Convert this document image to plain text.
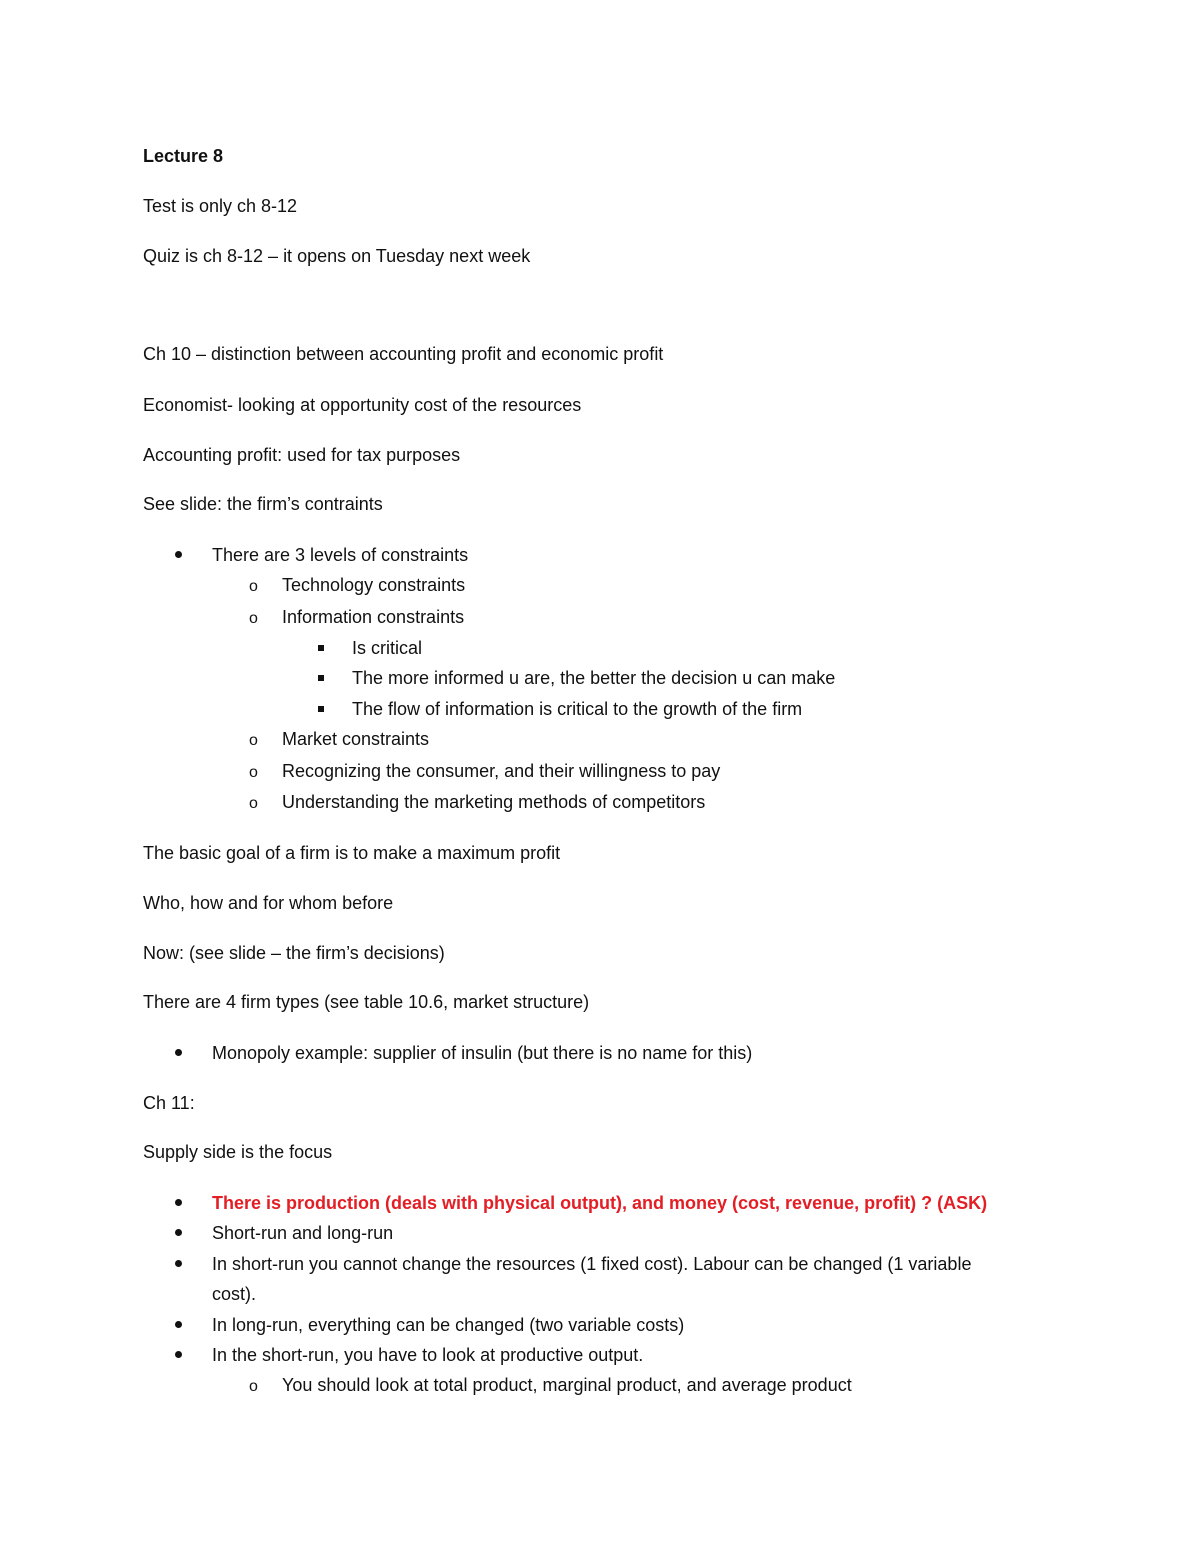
Lecture 8
Test is only ch 8-12
Quiz is ch 8-12 – it opens on Tuesday next week
Ch 10 – distinction between accounting profit and economic profit
Economist- looking at opportunity cost of the resources
Accounting profit: used for tax purposes
See slide: the firm’s contraints
There are 3 levels of constraints
o Technology constraints
o Information constraints
Is critical
The more informed u are, the better the decision u can make
The flow of information is critical to the growth of the firm
o Market constraints
o Recognizing the consumer, and their willingness to pay
o Understanding the marketing methods of competitors
The basic goal of a firm is to make a maximum profit
Who, how and for whom before
Now: (see slide – the firm’s decisions)
There are 4 firm types (see table 10.6, market structure)
Monopoly example: supplier of insulin (but there is no name for this)
Ch 11:
Supply side is the focus
There is production (deals with physical output), and money (cost, revenue, profit) ? (ASK)
Short-run and long-run
In short-run you cannot change the resources (1 fixed cost). Labour can be changed (1 variable
cost).
In long-run, everything can be changed (two variable costs)
In the short-run, you have to look at productive output.
o You should look at total product, marginal product, and average product
